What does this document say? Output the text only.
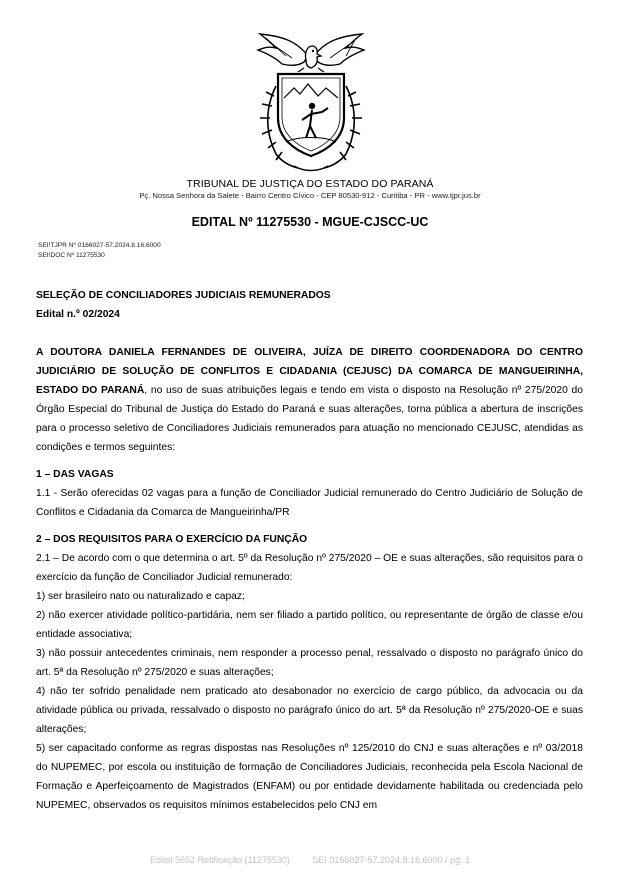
TRIBUNAL DE JUSTIÇA DO ESTADO DO PARANÁ
Pç. Nossa Senhora da Salete - Bairro Centro Cívico - CEP 80530-912 - Curitiba - PR - www.tjpr.jus.br
EDITAL Nº 11275530 - MGUE-CJSCC-UC
SEI!TJPR Nº 0166027-57.2024.8.16.6000
SEI!DOC Nº 11275530

SELEÇÃO DE CONCILIADORES JUDICIAIS REMUNERADOS

Edital n.º 02/2024

A DOUTORA DANIELA FERNANDES DE OLIVEIRA, JUÍZA DE DIREITO COORDENADORA DO CENTRO JUDICIÁRIO DE SOLUÇÃO DE CONFLITOS E CIDADANIA (CEJUSC) DA COMARCA DE MANGUEIRINHA, ESTADO DO PARANÁ, no uso de suas atribuições legais e tendo em vista o disposto na Resolução nº 275/2020 do Órgão Especial do Tribunal de Justiça do Estado do Paraná e suas alterações, torna pública a abertura de inscrições para o processo seletivo de Conciliadores Judiciais remunerados para atuação no mencionado CEJUSC, atendidas as condições e termos seguintes:

1 – DAS VAGAS

1.1 - Serão oferecidas 02 vagas para a função de Conciliador Judicial remunerado do Centro Judiciário de Solução de Conflitos e Cidadania da Comarca de Mangueirinha/PR

2 – DOS REQUISITOS PARA O EXERCÍCIO DA FUNÇÃO

2.1 – De acordo com o que determina o art. 5º da Resolução nº 275/2020 – OE e suas alterações, são requisitos para o exercício da função de Conciliador Judicial remunerado:

1) ser brasileiro nato ou naturalizado e capaz;

2) não exercer atividade político-partidária, nem ser filiado a partido político, ou representante de órgão de classe e/ou entidade associativa;

3) não possuir antecedentes criminais, nem responder a processo penal, ressalvado o disposto no parágrafo único do art. 5ª da Resolução nº 275/2020 e suas alterações;

4) não ter sofrido penalidade nem praticado ato desabonador no exercício de cargo público, da advocacia ou da atividade pública ou privada, ressalvado o disposto no parágrafo único do art. 5ª da Resolução nº 275/2020-OE e suas alterações;

5) ser capacitado conforme as regras dispostas nas Resoluções nº 125/2010 do CNJ e suas alterações e nº 03/2018 do NUPEMEC, por escola ou instituição de formação de Conciliadores Judiciais, reconhecida pela Escola Nacional de Formação e Aperfeiçoamento de Magistrados (ENFAM) ou por entidade devidamente habilitada ou credenciada pelo NUPEMEC, observados os requisitos mínimos estabelecidos pelo CNJ em

Edital 5652 Retificação (11275530)	SEI 0166027-57.2024.8.16.6000 / pg. 1
